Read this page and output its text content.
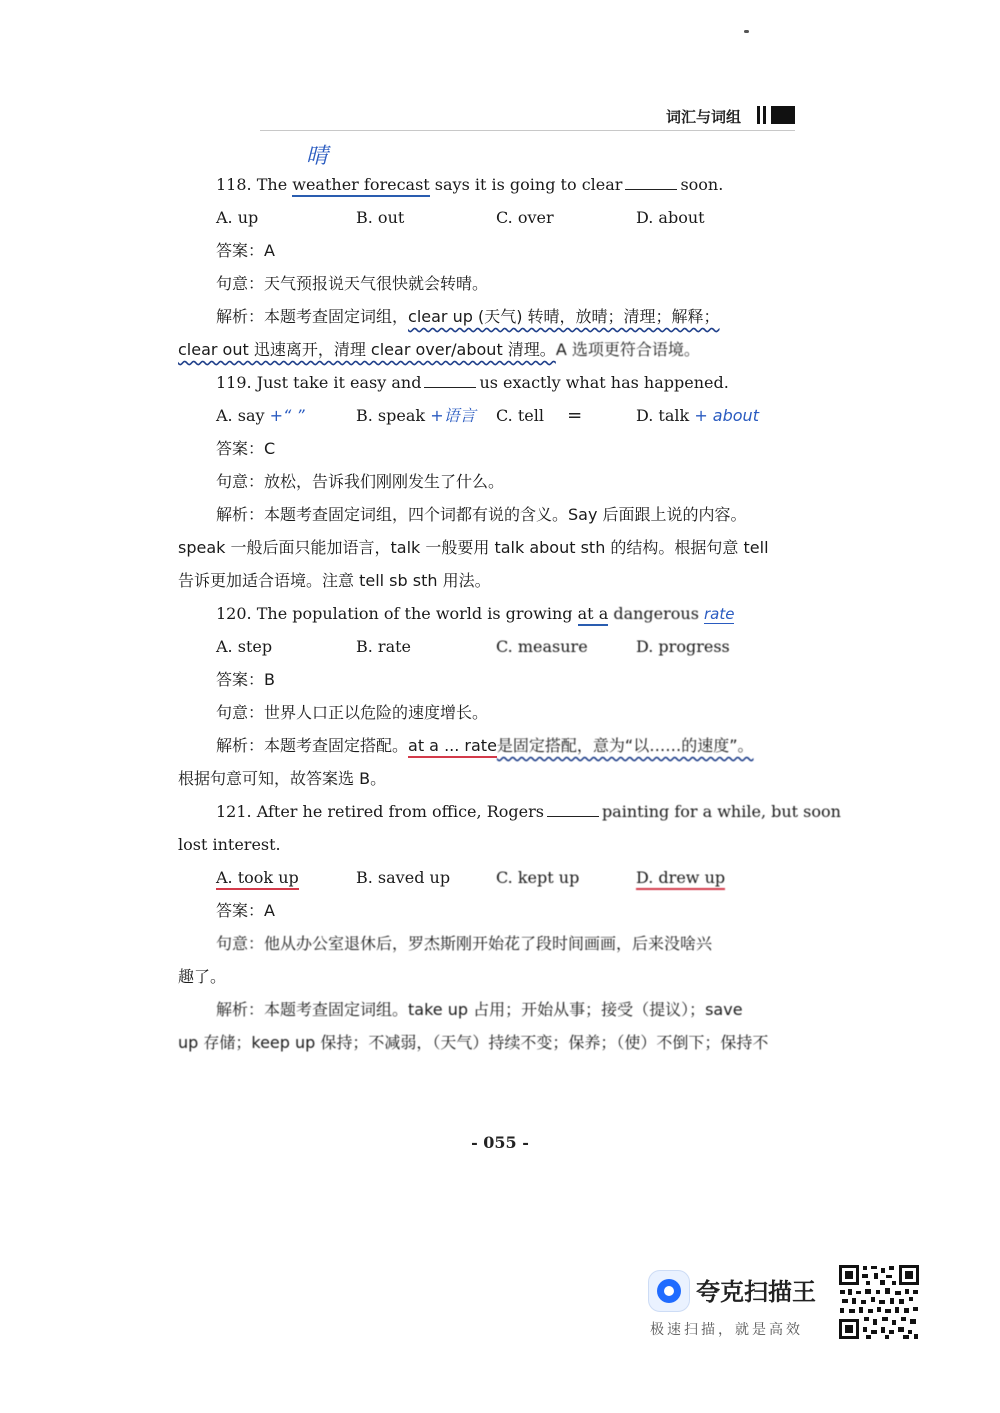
词汇与词组
晴
118. The weather forecast says it is going to clear	soon.
A. up	B. out	C. over	D. about
答案：A
句意：天气预报说天气很快就会转晴。
解析：本题考查固定词组，clear up (天气) 转晴，放晴；清理；解释；
clear out 迅速离开，清理 clear over/about 清理。A 选项更符合语境。
119. Just take it easy and	us exactly what has happened.
A. say +“ ”	B. speak +语言	C. tell =	D. talk + about
答案：C
句意：放松，告诉我们刚刚发生了什么。
解析：本题考查固定词组，四个词都有说的含义。Say 后面跟上说的内容。
speak 一般后面只能加语言，talk 一般要用 talk about sth 的结构。根据句意 tell
告诉更加适合语境。注意 tell sb sth 用法。
120. The population of the world is growing at a dangerous rate
A. step	B. rate	C. measure	D. progress
答案：B
句意：世界人口正以危险的速度增长。
解析：本题考查固定搭配。at a ... rate是固定搭配，意为“以……的速度”。
根据句意可知，故答案选 B。
121. After he retired from office, Rogers	painting for a while, but soon
lost interest.
A. took up	B. saved up	C. kept up	D. drew up
答案：A
句意：他从办公室退休后，罗杰斯刚开始花了段时间画画，后来没啥兴
趣了。
解析：本题考查固定词组。take up 占用；开始从事；接受（提议）；save
up 存储；keep up 保持；不减弱，（天气）持续不变；保养；（使）不倒下；保持不
- 055 -
夸克扫描王
极速扫描，就是高效
